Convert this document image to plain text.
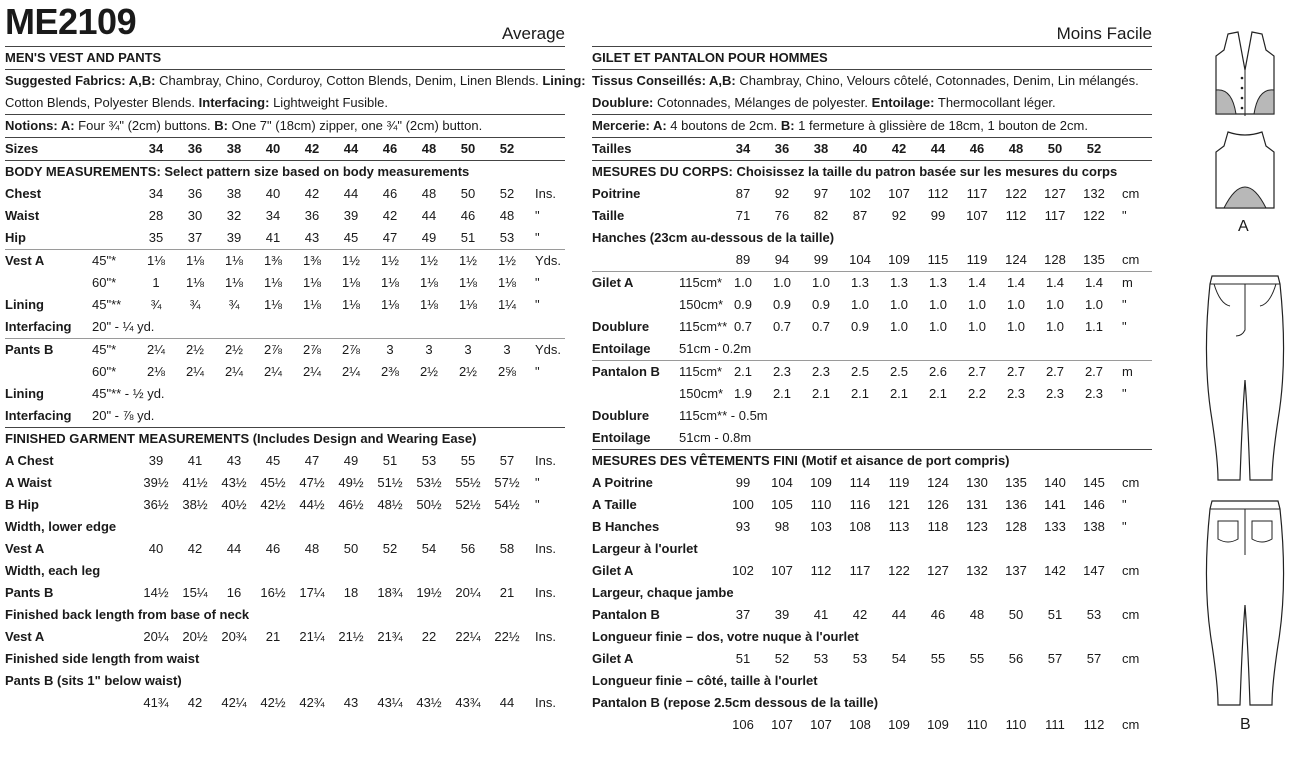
ME2109	Average
MEN'S VEST AND PANTS
Suggested Fabrics: A,B: Chambray, Chino, Corduroy, Cotton Blends, Denim, Linen Blends. Lining:
Cotton Blends, Polyester Blends. Interfacing: Lightweight Fusible.
Notions: A: Four ¾" (2cm) buttons. B: One 7" (18cm) zipper, one ¾" (2cm) button.
Sizes	34	36	38	40	42	44	46	48	50	52
BODY MEASUREMENTS: Select pattern size based on body measurements
Chest	34	36	38	40	42	44	46	48	50	52	Ins.
Waist	28	30	32	34	36	39	42	44	46	48	"
Hip	35	37	39	41	43	45	47	49	51	53	"
Vest A	45"*	1⅛	1⅛	1⅛	1⅜	1⅜	1½	1½	1½	1½	1½	Yds.
60"*	1	1⅛	1⅛	1⅛	1⅛	1⅛	1⅛	1⅛	1⅛	1⅛	"
Lining	45"**	¾	¾	¾	1⅛	1⅛	1⅛	1⅛	1⅛	1⅛	1¼	"
Interfacing 20" - ¼ yd.
Pants B	45"*	2¼	2½	2½	2⅞	2⅞	2⅞	3	3	3	3	Yds.
60"*	2⅛	2¼	2¼	2¼	2¼	2¼	2⅜	2½	2½	2⅝	"
Lining	45"** - ½ yd.
Interfacing 20" - ⅞ yd.
FINISHED GARMENT MEASUREMENTS (Includes Design and Wearing Ease)
A Chest	39	41	43	45	47	49	51	53	55	57	Ins.
A Waist	39½	41½	43½	45½	47½	49½	51½	53½	55½	57½	"
B Hip	36½	38½	40½	42½	44½	46½	48½	50½	52½	54½	"
Width, lower edge
Vest A	40	42	44	46	48	50	52	54	56	58	Ins.
Width, each leg
Pants B	14½	15¼	16	16½	17¼	18	18¾	19½	20¼	21	Ins.
Finished back length from base of neck
Vest A	20¼	20½	20¾	21	21¼	21½	21¾	22	22¼	22½	Ins.
Finished side length from waist
Pants B (sits 1" below waist)
41¾	42	42¼	42½	42¾	43	43¼	43½	43¾	44	Ins.
Moins Facile
GILET ET PANTALON POUR HOMMES
Tissus Conseillés: A,B: Chambray, Chino, Velours côtelé, Cotonnades, Denim, Lin mélangés.
Doublure: Cotonnades, Mélanges de polyester. Entoilage: Thermocollant léger.
Mercerie: A: 4 boutons de 2cm. B: 1 fermeture à glissière de 18cm, 1 bouton de 2cm.
Tailles	34	36	38	40	42	44	46	48	50	52
MESURES DU CORPS: Choisissez la taille du patron basée sur les mesures du corps
Poitrine	87	92	97	102	107	112	117	122	127	132	cm
Taille	71	76	82	87	92	99	107	112	117	122	"
Hanches (23cm au-dessous de la taille)
89	94	99	104	109	115	119	124	128	135	cm
Gilet A	115cm* 1.0	1.0	1.0	1.3	1.3	1.3	1.4	1.4	1.4	1.4	m
150cm* 0.9	0.9	0.9	1.0	1.0	1.0	1.0	1.0	1.0	1.0	"
Doublure 115cm** 0.7	0.7	0.7	0.9	1.0	1.0	1.0	1.0	1.0	1.1	"
Entoilage 51cm - 0.2m
Pantalon B 115cm* 2.1	2.3	2.3	2.5	2.5	2.6	2.7	2.7	2.7	2.7	m
150cm* 1.9	2.1	2.1	2.1	2.1	2.1	2.2	2.3	2.3	2.3	"
Doublure 115cm** - 0.5m
Entoilage 51cm - 0.8m
MESURES DES VÊTEMENTS FINI (Motif et aisance de port compris)
A Poitrine	99	104	109	114	119	124	130	135	140	145	cm
A Taille	100	105	110	116	121	126	131	136	141	146	"
B Hanches	93	98	103	108	113	118	123	128	133	138	"
Largeur à l'ourlet
Gilet A	102	107	112	117	122	127	132	137	142	147	cm
Largeur, chaque jambe
Pantalon B	37	39	41	42	44	46	48	50	51	53	cm
Longueur finie – dos, votre nuque à l'ourlet
Gilet A	51	52	53	53	54	55	55	56	57	57	cm
Longueur finie – côté, taille à l'ourlet
Pantalon B (repose 2.5cm dessous de la taille)
106	107	107	108	109	109	110	110	111	112	cm
A
B
